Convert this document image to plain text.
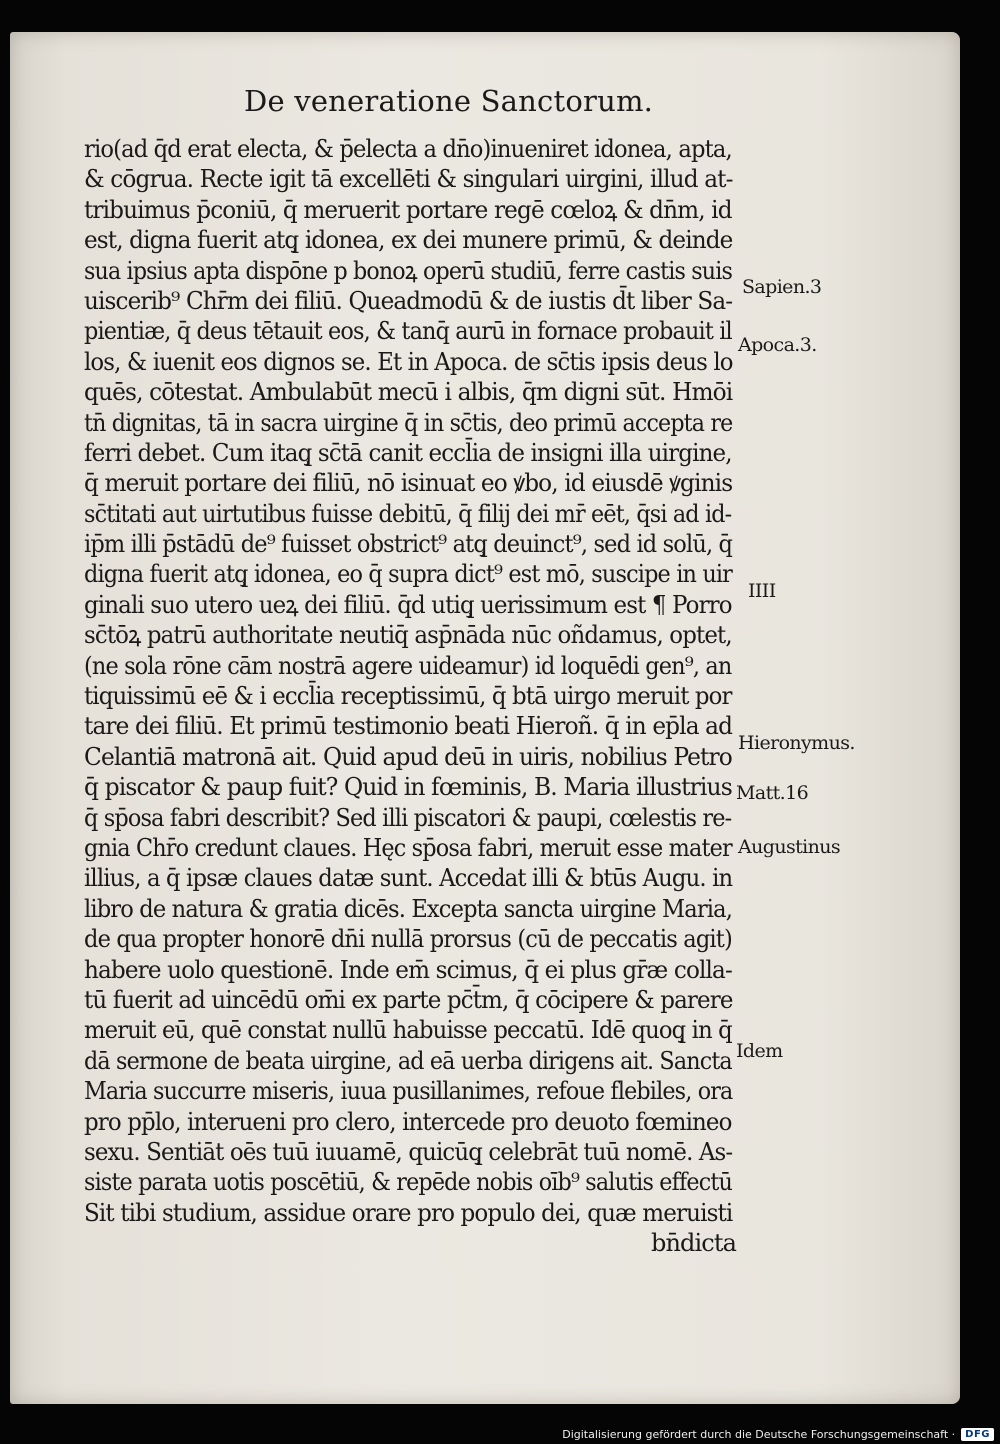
De veneratione Sanctorum.
rio(ad q̄d erat electa, & p̄electa a dn̄o)inueniret idonea, apta,
& cōgrua. Recte igit tā excellēti & singulari uirgini, illud at-
tribuimus p̄coniū, q̄ meruerit portare regē cœloꝝ & dn̄m, id
est, digna fuerit atq̧ idonea, ex dei munere primū, & deinde
sua ipsius apta dispōne p bonoꝝ operū studiū, ferre castis suis
uiscerib⁹ Chr̄m dei filiū. Queadmodū & de iustis d̄t liber Sa-
pientiæ, q̄ deus tētauit eos, & tanq̄ aurū in fornace probauit il
los, & iuenit eos dignos se. Et in Apoca. de sc̄tis ipsis deus lo
quēs, cōtestat. Ambulabūt mecū i albis, q̄m digni sūt. Hmōi
tn̄ dignitas, tā in sacra uirgine q̄ in sc̄tis, deo primū accepta re
ferri debet. Cum itaq̧ sc̄tā canit eccl̄ia de insigni illa uirgine,
q̄ meruit portare dei filiū, nō isinuat eo ꝟbo, id eiusdē ꝟginis
sc̄titati aut uirtutibus fuisse debitū, q̄ filij dei mr̄ eēt, q̄si ad id-
ip̄m illi p̄stādū de⁹ fuisset obstrict⁹ atq̧ deuinct⁹, sed id solū, q̄
digna fuerit atq̧ idonea, eo q̄ supra dict⁹ est mō, suscipe in uir
ginali suo utero ueꝝ dei filiū. q̄d utiq̧ uerissimum est ¶ Porro
sc̄tōꝝ patrū authoritate neutiq̄ asp̄nāda nūc oñdamus, optet,
(ne sola rōne cām nostrā agere uideamur) id loquēdi gen⁹, an
tiquissimū eē & i eccl̄ia receptissimū, q̄ btā uirgo meruit por
tare dei filiū. Et primū testimonio beati Hieroñ. q̄ in ep̄la ad
Celantiā matronā ait. Quid apud deū in uiris, nobilius Petro
q̄ piscator & paup fuit? Quid in fœminis, B. Maria illustrius
q̄ sp̄osa fabri describit? Sed illi piscatori & paupi, cœlestis re-
gnia Chr̄o credunt claues. Hęc sp̄osa fabri, meruit esse mater
illius, a q̄ ipsæ claues datæ sunt. Accedat illi & btūs Augu. in
libro de natura & gratia dicēs. Excepta sancta uirgine Maria,
de qua propter honorē dn̄i nullā prorsus (cū de peccatis agit)
habere uolo questionē. Inde em̄ scimus, q̄ ei plus gr̄æ colla-
tū fuerit ad uincēdū om̄i ex parte pc̄t̄m, q̄ cōcipere & parere
meruit eū, quē constat nullū habuisse peccatū. Idē quoq̧ in q̄
dā sermone de beata uirgine, ad eā uerba dirigens ait. Sancta
Maria succurre miseris, iuua pusillanimes, refoue flebiles, ora
pro pp̄lo, interueni pro clero, intercede pro deuoto fœmineo
sexu. Sentiāt oēs tuū iuuamē, quicūq̧ celebrāt tuū nomē. As-
siste parata uotis poscētiū, & repēde nobis oīb⁹ salutis effectū
Sit tibi studium, assidue orare pro populo dei, quæ meruisti
bn̄dicta
Sapien.3
Apoca.3.
IIII
Hieronymus.
Matt.16
Augustinus
Idem
Digitalisierung gefördert durch die Deutsche Forschungsgemeinschaft ·	DFG
